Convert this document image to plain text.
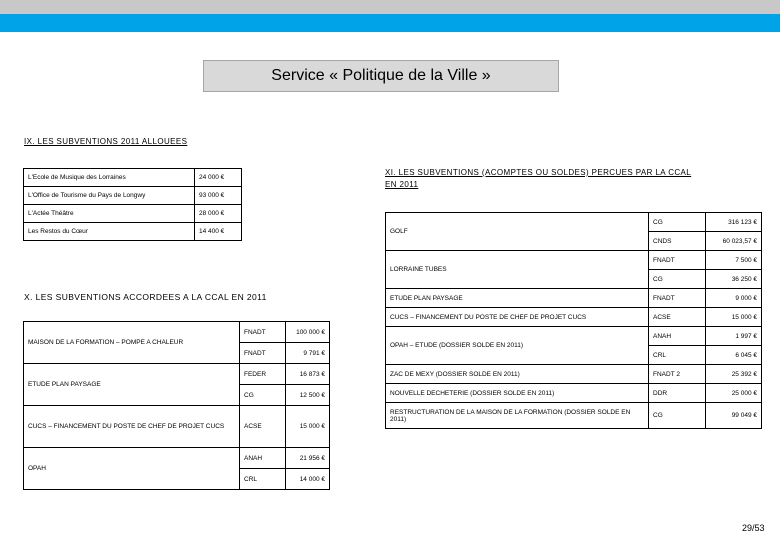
Service « Politique de la Ville »
IX. LES SUBVENTIONS 2011 ALLOUEES
L'Ecole de Musique des Lorraines	24 000 €
L'Office de Tourisme du Pays de Longwy	93 000 €
L'Actée Théâtre	28 000 €
Les Restos du Cœur	14 400 €
X. LES SUBVENTIONS ACCORDEES A LA CCAL EN 2011
MAISON DE LA FORMATION – POMPE A CHALEUR	FNADT	100 000 €
	FNADT	9 791 €
ETUDE PLAN PAYSAGE	FEDER	16 873 €
	CG	12 500 €
CUCS – FINANCEMENT DU POSTE DE CHEF DE PROJET CUCS	ACSE	15 000 €
OPAH	ANAH	21 956 €
	CRL	14 000 €
XI. LES SUBVENTIONS (ACOMPTES OU SOLDES) PERCUES PAR LA CCAL EN 2011
GOLF	CG	316 123 €
	CNDS	60 023,57 €
LORRAINE TUBES	FNADT	7 500 €
	CG	36 250 €
ETUDE PLAN PAYSAGE	FNADT	9 000 €
CUCS – FINANCEMENT DU POSTE DE CHEF DE PROJET CUCS	ACSE	15 000 €
OPAH – ETUDE (DOSSIER SOLDE EN 2011)	ANAH	1 997 €
	CRL	6 045 €
ZAC DE MEXY (DOSSIER SOLDE EN 2011)	FNADT 2	25 392 €
NOUVELLE DECHETERIE (DOSSIER SOLDE EN 2011)	DDR	25 000 €
RESTRUCTURATION DE LA MAISON DE LA FORMATION (DOSSIER SOLDE EN 2011)	CG	99 049 €
29/53
